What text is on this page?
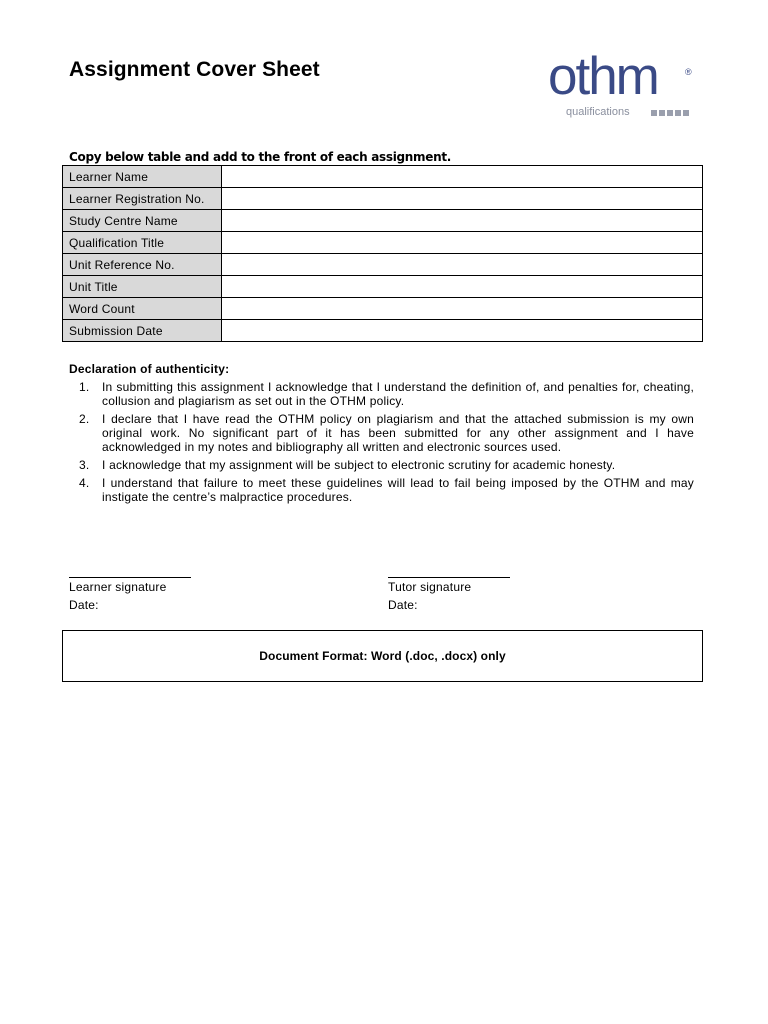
Assignment Cover Sheet	othm	®
qualifications
Copy below table and add to the front of each assignment.
Learner Name	
Learner Registration No.	
Study Centre Name	
Qualification Title	
Unit Reference No.	
Unit Title	
Word Count	
Submission Date	
Declaration of authenticity:
1. In submitting this assignment I acknowledge that I understand the definition of, and penalties for, cheating, collusion and plagiarism as set out in the OTHM policy.
2. I declare that I have read the OTHM policy on plagiarism and that the attached submission is my own original work. No significant part of it has been submitted for any other assignment and I have acknowledged in my notes and bibliography all written and electronic sources used.
3. I acknowledge that my assignment will be subject to electronic scrutiny for academic honesty.
4. I understand that failure to meet these guidelines will lead to fail being imposed by the OTHM and may instigate the centre’s malpractice procedures.
Learner signature
Date:
Tutor signature
Date:
Document Format: Word (.doc, .docx) only
